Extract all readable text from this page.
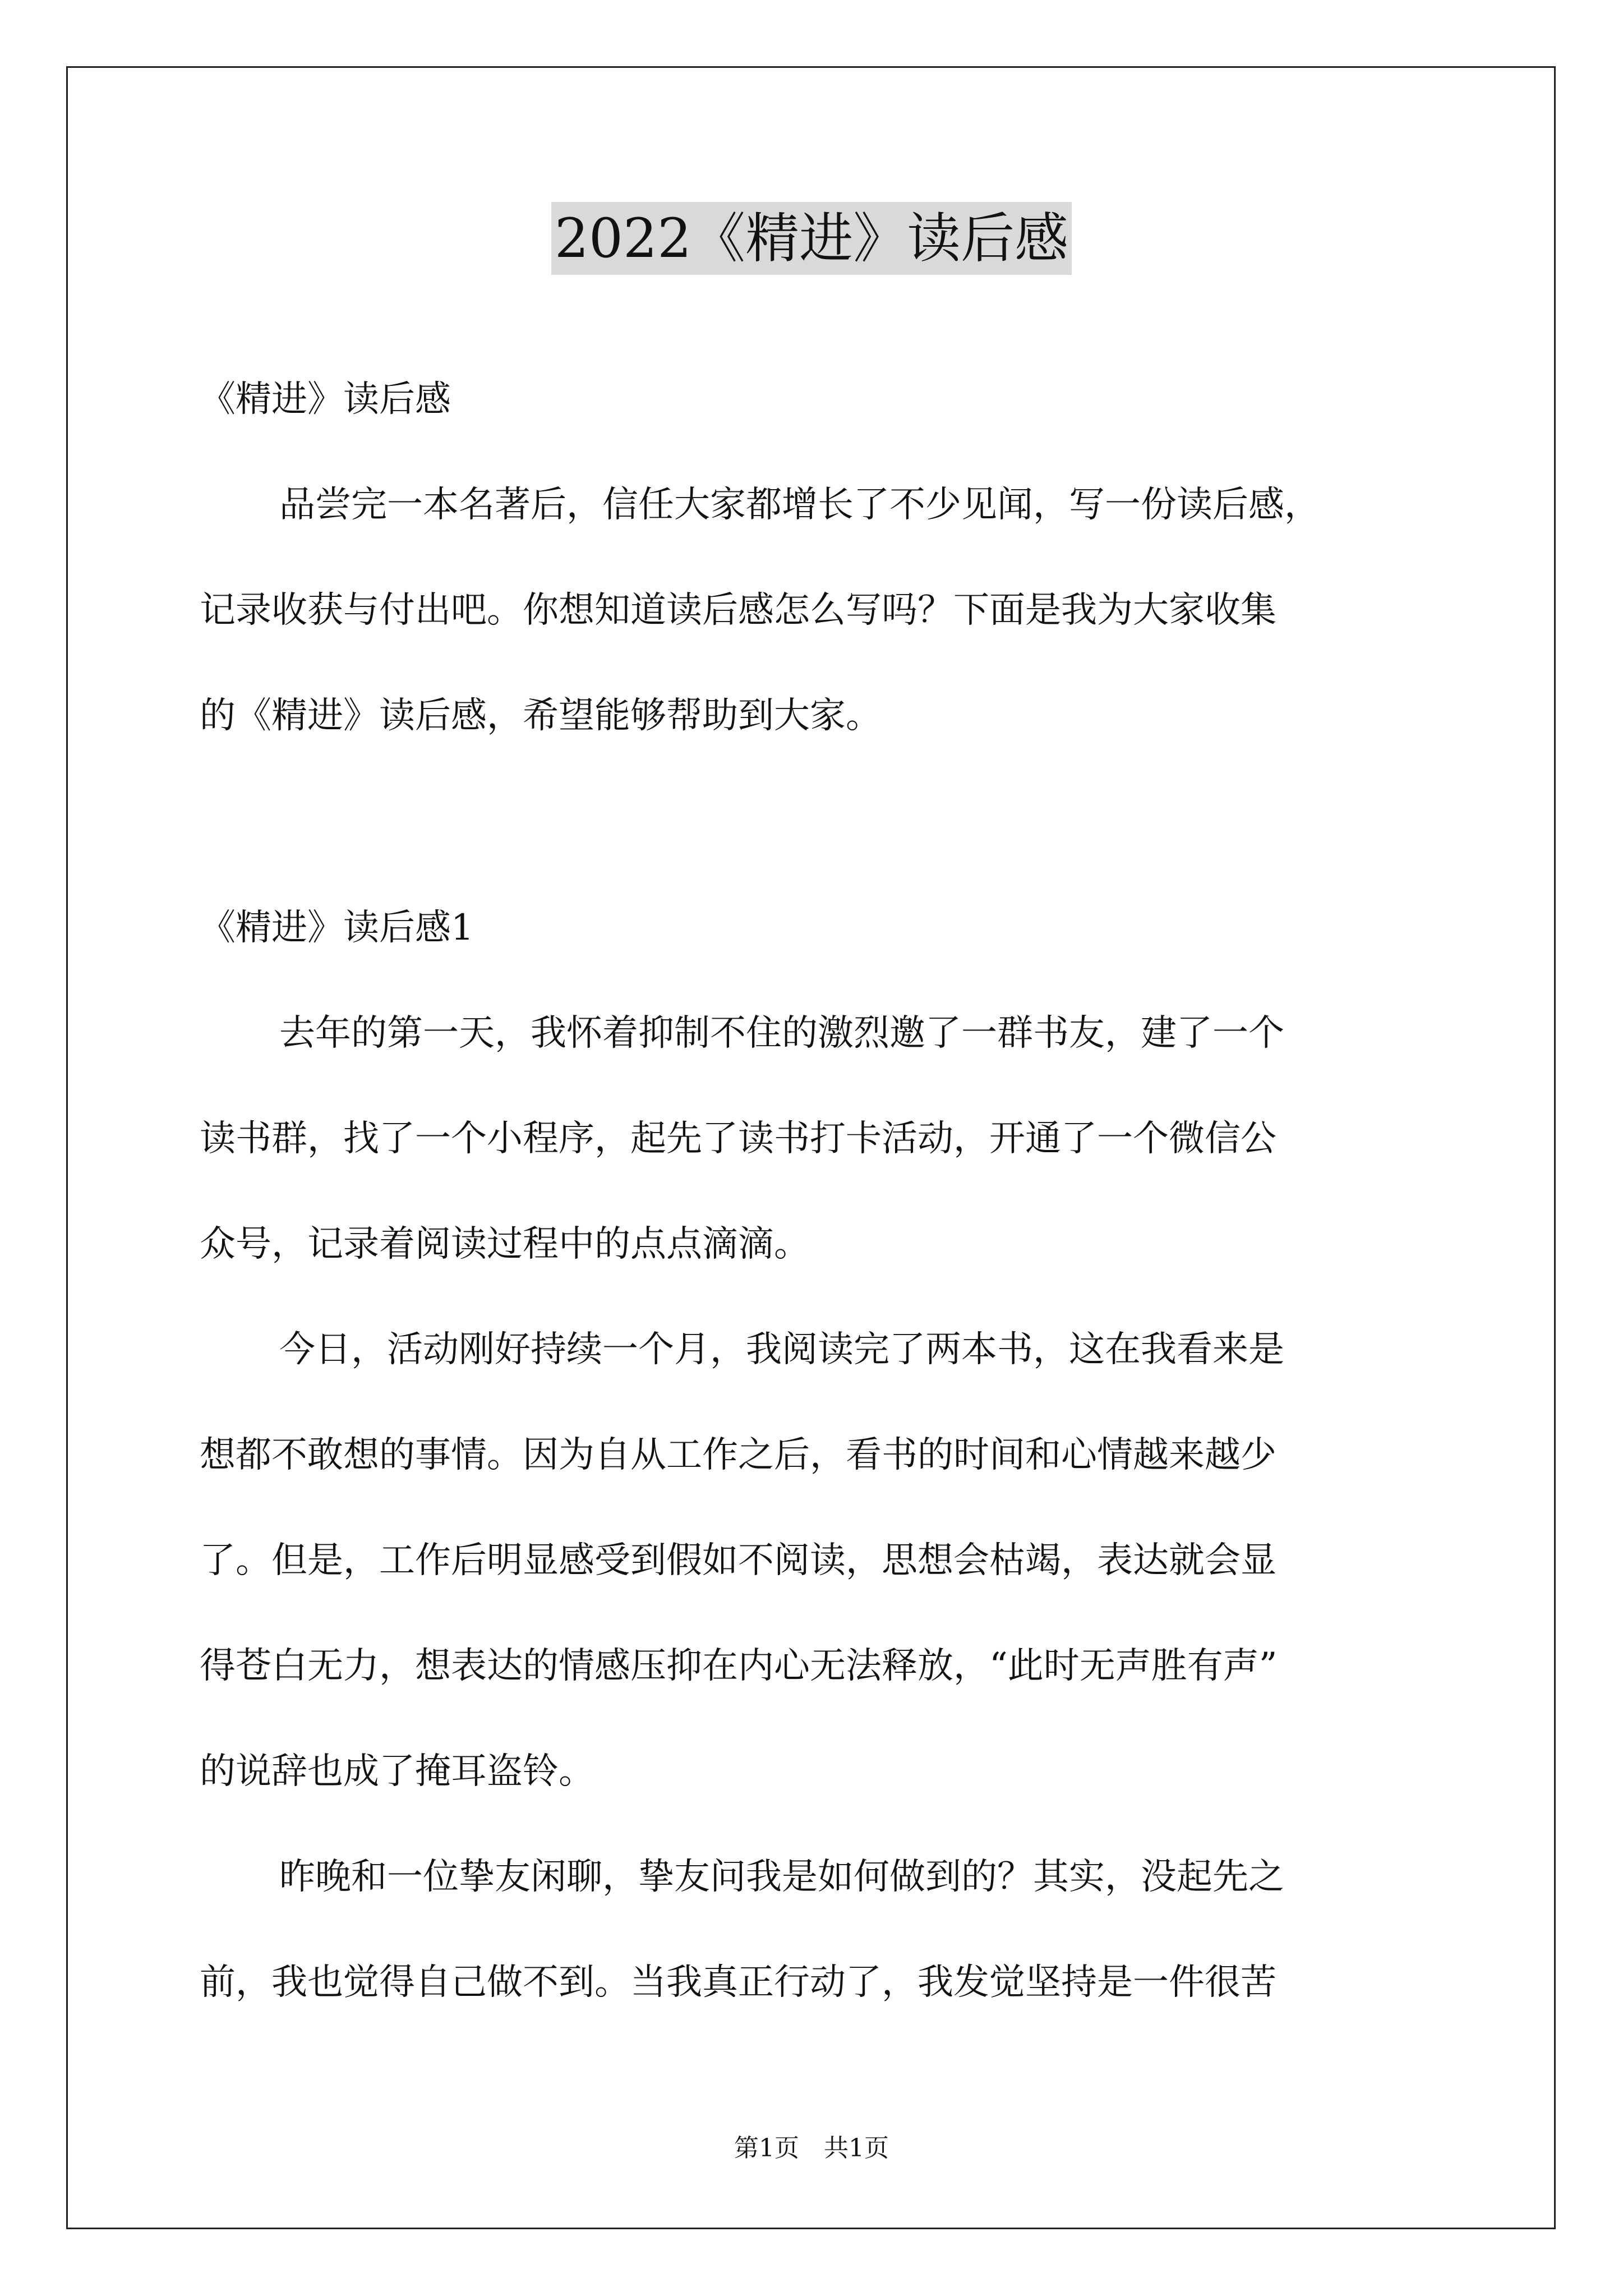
2022《精进》读后感

《精进》读后感

品尝完一本名著后，信任大家都增长了不少见闻，写一份读后感，

记录收获与付出吧。你想知道读后感怎么写吗？下面是我为大家收集

的《精进》读后感，希望能够帮助到大家。

《精进》读后感1

去年的第一天，我怀着抑制不住的激烈邀了一群书友，建了一个

读书群，找了一个小程序，起先了读书打卡活动，开通了一个微信公

众号，记录着阅读过程中的点点滴滴。

今日，活动刚好持续一个月，我阅读完了两本书，这在我看来是

想都不敢想的事情。因为自从工作之后，看书的时间和心情越来越少

了。但是，工作后明显感受到假如不阅读，思想会枯竭，表达就会显

得苍白无力，想表达的情感压抑在内心无法释放，“此时无声胜有声”

的说辞也成了掩耳盗铃。

昨晚和一位挚友闲聊，挚友问我是如何做到的？其实，没起先之

前，我也觉得自己做不到。当我真正行动了，我发觉坚持是一件很苦

第1页 共1页
